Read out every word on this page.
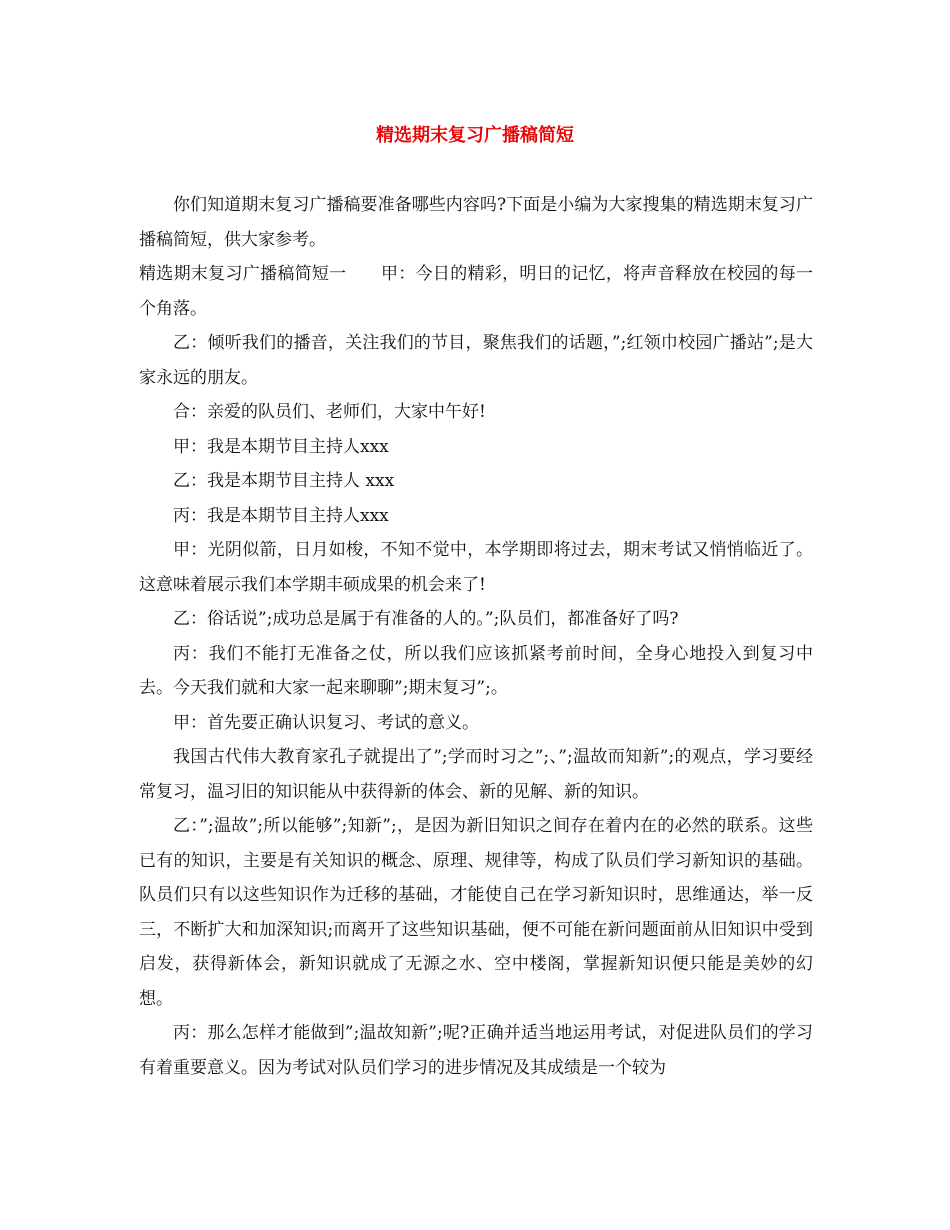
精选期末复习广播稿简短

你们知道期末复习广播稿要准备哪些内容吗?下面是小编为大家搜集的精选期末复习广播稿简短，供大家参考。

精选期末复习广播稿简短一　　甲：今日的精彩，明日的记忆，将声音释放在校园的每一个角落。

乙：倾听我们的播音，关注我们的节目，聚焦我们的话题，”;红领巾校园广播站”;是大家永远的朋友。

合：亲爱的队员们、老师们，大家中午好!

甲：我是本期节目主持人xxx

乙：我是本期节目主持人 xxx

丙：我是本期节目主持人xxx

甲：光阴似箭，日月如梭，不知不觉中，本学期即将过去，期末考试又悄悄临近了。这意味着展示我们本学期丰硕成果的机会来了!

乙：俗话说”;成功总是属于有准备的人的。”;队员们，都准备好了吗?

丙：我们不能打无准备之仗，所以我们应该抓紧考前时间，全身心地投入到复习中去。今天我们就和大家一起来聊聊”;期末复习”;。

甲：首先要正确认识复习、考试的意义。

我国古代伟大教育家孔子就提出了”;学而时习之”;、”;温故而知新”;的观点，学习要经常复习，温习旧的知识能从中获得新的体会、新的见解、新的知识。

乙：”;温故”;所以能够”;知新”;，是因为新旧知识之间存在着内在的必然的联系。这些已有的知识，主要是有关知识的概念、原理、规律等，构成了队员们学习新知识的基础。队员们只有以这些知识作为迁移的基础，才能使自己在学习新知识时，思维通达，举一反三，不断扩大和加深知识;而离开了这些知识基础，便不可能在新问题面前从旧知识中受到启发，获得新体会，新知识就成了无源之水、空中楼阁，掌握新知识便只能是美妙的幻想。

丙：那么怎样才能做到”;温故知新”;呢?正确并适当地运用考试，对促进队员们的学习有着重要意义。因为考试对队员们学习的进步情况及其成绩是一个较为
